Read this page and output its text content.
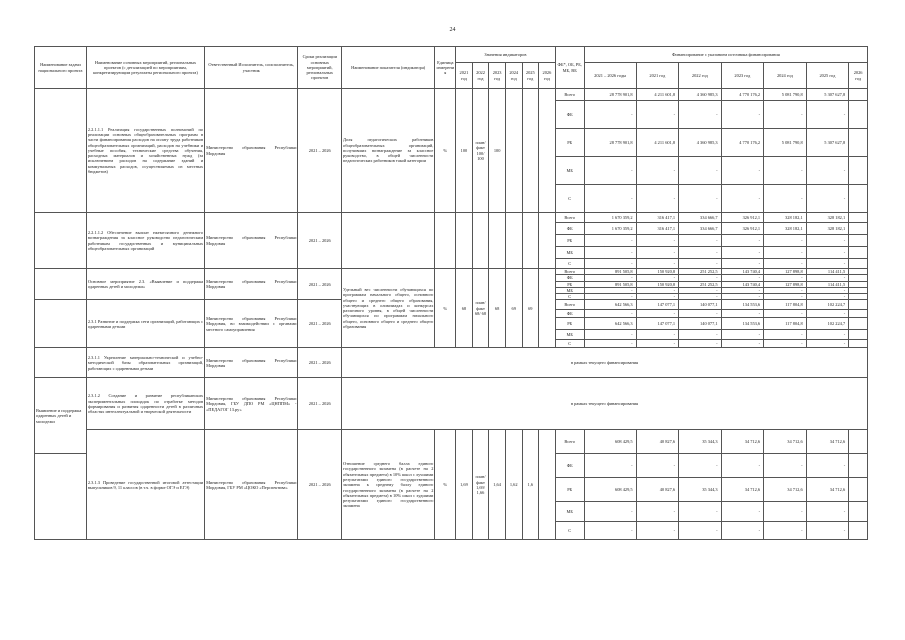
24
Наименование задачи национального проекта	Наименование основных мероприятий, региональных проектов (с детализацией по мероприятиям, конкретизирующим результаты регионального проекта)	Ответственный Исполнитель, соисполнитель, участник	Сроки реализации основных мероприятий, региональных проектов	Наименование показателя (индикатора)	Единица измерения	Значения индикаторов						ФБ*, ОБ, РБ, МБ, ВБ	Финансирование с указанием источника финансирования						
						2021 год	2022 год	2023 год	2024 год	2025 год	2026 год		2021 – 2026 годы	2021 год	2022 год	2023 год	2024 год	2025 год	2026 год
	2.2.1.1.1 Реализация государственных полномочий по реализации основных общеобразовательных программ в части финансирования расходов на оплату труда работников общеобразовательных организаций, расходов на учебники и учебные пособия, технические средства обучения, расходных материалов и хозяйственных нужд (за исключением расходов на содержание зданий и коммунальных расходов, осуществляемых из местных бюджетов)	Министерство образования Республики Мордовия	2021 – 2026	Доля педагогических работников общеобразовательных организаций, получивших вознаграждение за классное руководство, в общей численности педагогических работников такой категории	%	100	план/ факт 100/ 100	100				Всего	28 778 901,8	4 211 601,8	4 360 985,3	4 770 176,2	5 081 790,8	5 307 627,8	
												ФБ	-	-	-	-	-	-	
												РБ	28 778 901,8	4 211 601,8	4 360 985,3	4 770 176,2	5 081 790,8	5 307 627,8	
												МБ	-	-	-	-	-	-	
												С	-	-	-	-	-	-	
	2.2.1.1.2 Обеспечение выплат ежемесячного денежного вознаграждения за классное руководство педагогическим работникам государственных и муниципальных общеобразовательных организаций	Министерство образования Республики Мордовия	2021 – 2026									Всего	1 670 359,2	316 417,1	334 666,7	326 912,1	328 182,1	328 182,1	
												ФБ	1 670 359,2	316 417,1	334 666,7	326 912,1	328 182,1	328 182,1	
												РБ	-	-	-	-	-	-	
												МБ	-	-	-	-	-	-	
												С	-	-	-	-	-	-	
	Основное мероприятие 2.3. «Выявление и поддержка одаренных детей и молодежи»	Министерство образования Республики Мордовия	2021 – 2026	Удельный вес численности обучающихся по программам начального общего, основного общего и среднего общего образования, участвующих в олимпиадах и конкурсах различного уровня, в общей численности обучающихся по программам начального общего, основного общего и среднего общего образования	%	68	план/ факт 68/ 68	68	69	69		Всего	891 505,8	150 920,8	251 252,5	143 740,4	127 898,8	114 411,5	
												ФБ	-	-	-	-	-	-	
												РБ	891 505,8	150 920,8	251 252,5	143 740,4	127 898,8	114 411,5	
												МБ	-	-	-	-	-	-	
												С	-	-	-	-	-	-	
	2.3.1 Развитие и поддержка сети организаций, работающих с одаренными детьми	Министерство образования Республики Мордовия, во взаимодействии с органами местного самоуправления	2021 – 2026									Всего	642 566,3	147 077,1	140 077,1	134 553,6	117 804,8	102 224,7	
												ФБ	-	-	-	-	-	-	
												РБ	642 566,3	147 077,1	140 077,1	134 553,6	117 804,8	102 224,7	
												МБ	-	-	-	-	-	-	
												С	-	-	-	-	-	-	
	2.3.1.1 Укрепление материально-технической и учебно-методической базы образовательных организаций, работающих с одаренными детьми	Министерство образования Республики Мордовия	2021 – 2026	в рамках текущего финансирования															
Выявление и поддержка одаренных детей и молодежи	2.3.1.2 Создание и развитие республиканских экспериментальных площадок по отработке методов формирования и развития одаренности детей в различных областях интеллектуальной и творческой деятельности	Министерство образования Республики Мордовия, ГБУ ДПО РМ «ЦНППМ» - «ПЕДАГОГ 13.ру»	2021 – 2026	в рамках текущего финансирования															
	2.3.1.3 Проведение государственной итоговой аттестации выпускников 9, 11 классов (в т.ч. в форме ОГЭ и ЕГЭ)	Министерство образования Республики Мордовия, ГБУ РМ «ЦОКО «Перспектива»	2021 – 2026	Отношение среднего балла единого государственного экзамена (в расчете на 2 обязательных предмета) в 10% школ с лучшими результатами единого государственного экзамена к среднему баллу единого государственного экзамена (в расчете на 2 обязательных предмета) в 10% школ с худшими результатами единого государственного экзамена	%	1,69	план/ факт 1,69/ 1,66	1,64	1,62	1,6		Всего	608 429,5	40 827,6	35 344,3	34 712,6	34 712,6	34 712,6	
												ФБ	-	-	-	-	-	-	
												РБ	608 429,5	40 827,6	35 344,3	34 712,6	34 712,6	34 712,6	
												МБ	-	-	-	-	-	-	
												С	-	-	-	-	-	-	
